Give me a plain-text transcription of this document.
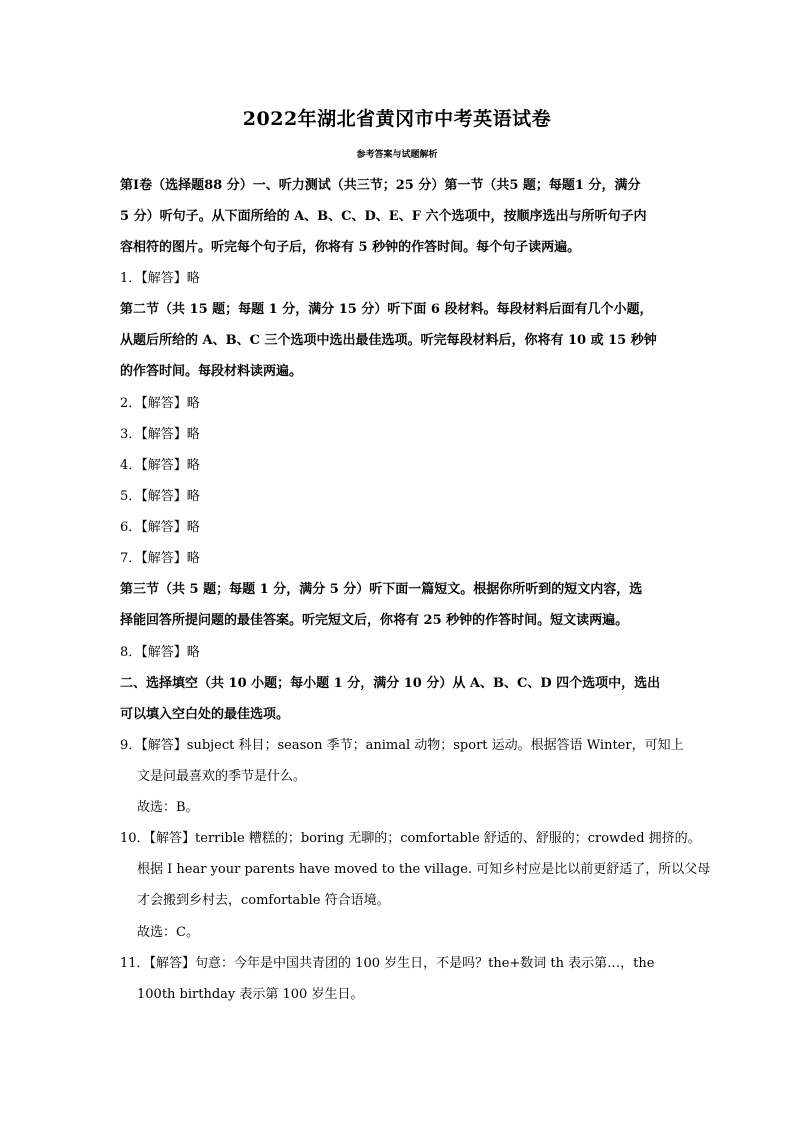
2022年湖北省黄冈市中考英语试卷
参考答案与试题解析
第Ⅰ卷（选择题88 分）一、听力测试（共三节；25 分）第一节（共5 题；每题1 分，满分
5 分）听句子。从下面所给的 A、B、C、D、E、F 六个选项中，按顺序选出与所听句子内
容相符的图片。听完每个句子后，你将有 5 秒钟的作答时间。每个句子读两遍。
1．【解答】略
第二节（共 15 题；每题 1 分，满分 15 分）听下面 6 段材料。每段材料后面有几个小题，
从题后所给的 A、B、C 三个选项中选出最佳选项。听完每段材料后，你将有 10 或 15 秒钟
的作答时间。每段材料读两遍。
2．【解答】略
3．【解答】略
4．【解答】略
5．【解答】略
6．【解答】略
7．【解答】略
第三节（共 5 题；每题 1 分，满分 5 分）听下面一篇短文。根据你所听到的短文内容，选
择能回答所提问题的最佳答案。听完短文后，你将有 25 秒钟的作答时间。短文读两遍。
8．【解答】略
二、选择填空（共 10 小题；每小题 1 分，满分 10 分）从 A、B、C、D 四个选项中，选出
可以填入空白处的最佳选项。
9．【解答】subject 科目；season 季节；animal 动物；sport 运动。根据答语 Winter，可知上
文是问最喜欢的季节是什么。
故选：B。
10．【解答】terrible 糟糕的；boring 无聊的；comfortable 舒适的、舒服的；crowded 拥挤的。
根据 I hear your parents have moved to the village. 可知乡村应是比以前更舒适了，所以父母
才会搬到乡村去，comfortable 符合语境。
故选：C。
11．【解答】句意：今年是中国共青团的 100 岁生日，不是吗？the+数词 th 表示第…，the
100th birthday 表示第 100 岁生日。
